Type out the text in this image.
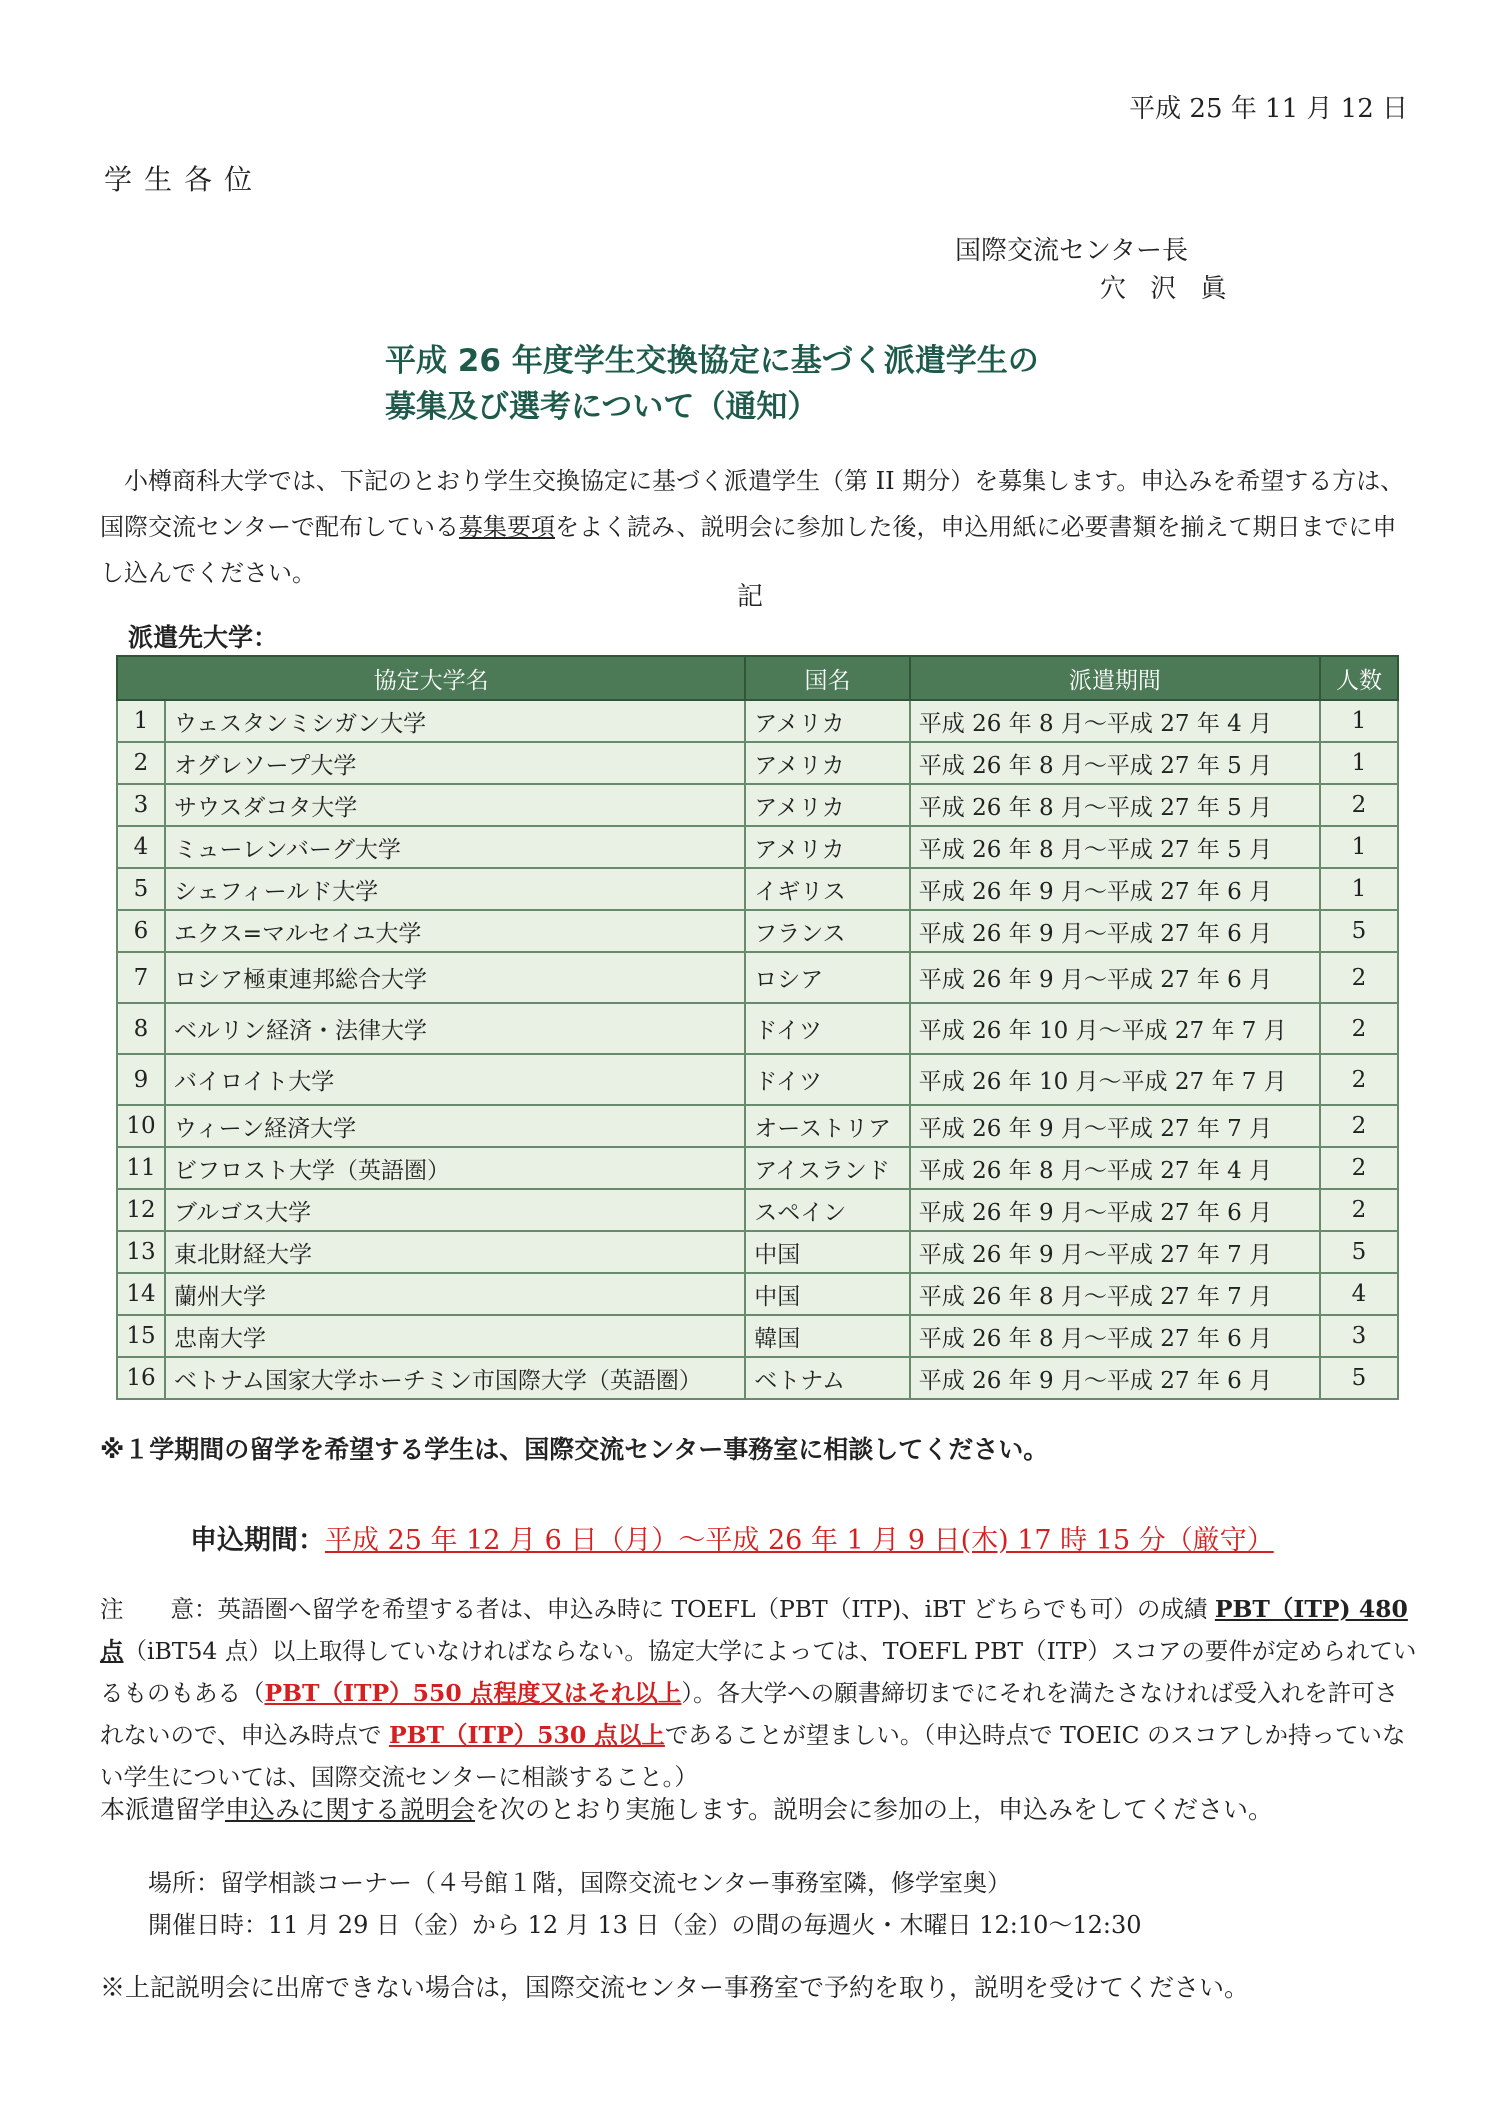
平成 25 年 11 月 12 日
学生各位
国際交流センター長
穴 沢 眞
平成 26 年度学生交換協定に基づく派遣学生の
募集及び選考について（通知）
小樽商科大学では、下記のとおり学生交換協定に基づく派遣学生（第 II 期分）を募集します。申込みを希望する方は、国際交流センターで配布している募集要項をよく読み、説明会に参加した後，申込用紙に必要書類を揃えて期日までに申し込んでください。
記
派遣先大学：
協定大学名		国名	派遣期間	人数
1	ウェスタンミシガン大学	アメリカ	平成 26 年 8 月～平成 27 年 4 月	1
2	オグレソープ大学	アメリカ	平成 26 年 8 月～平成 27 年 5 月	1
3	サウスダコタ大学	アメリカ	平成 26 年 8 月～平成 27 年 5 月	2
4	ミューレンバーグ大学	アメリカ	平成 26 年 8 月～平成 27 年 5 月	1
5	シェフィールド大学	イギリス	平成 26 年 9 月～平成 27 年 6 月	1
6	エクス=マルセイユ大学	フランス	平成 26 年 9 月～平成 27 年 6 月	5
7	ロシア極東連邦総合大学	ロシア	平成 26 年 9 月～平成 27 年 6 月	2
8	ベルリン経済・法律大学	ドイツ	平成 26 年 10 月～平成 27 年 7 月	2
9	バイロイト大学	ドイツ	平成 26 年 10 月～平成 27 年 7 月	2
10	ウィーン経済大学	オーストリア	平成 26 年 9 月～平成 27 年 7 月	2
11	ビフロスト大学（英語圏）	アイスランド	平成 26 年 8 月～平成 27 年 4 月	2
12	ブルゴス大学	スペイン	平成 26 年 9 月～平成 27 年 6 月	2
13	東北財経大学	中国	平成 26 年 9 月～平成 27 年 7 月	5
14	蘭州大学	中国	平成 26 年 8 月～平成 27 年 7 月	4
15	忠南大学	韓国	平成 26 年 8 月～平成 27 年 6 月	3
16	ベトナム国家大学ホーチミン市国際大学（英語圏）	ベトナム	平成 26 年 9 月～平成 27 年 6 月	5
※１学期間の留学を希望する学生は、国際交流センター事務室に相談してください。
申込期間：平成 25 年 12 月 6 日（月）～平成 26 年 1 月 9 日(木) 17 時 15 分（厳守）
注　　意：英語圏へ留学を希望する者は、申込み時に TOEFL（PBT（ITP)、iBT どちらでも可）の成績 PBT（ITP) 480 点（iBT54 点）以上取得していなければならない。協定大学によっては、TOEFL PBT（ITP）スコアの要件が定められているものもある（PBT（ITP）550 点程度又はそれ以上）。各大学への願書締切までにそれを満たさなければ受入れを許可されないので、申込み時点で PBT（ITP）530 点以上であることが望ましい。（申込時点で TOEIC のスコアしか持っていない学生については、国際交流センターに相談すること。）
本派遣留学申込みに関する説明会を次のとおり実施します。説明会に参加の上，申込みをしてください。
場所：留学相談コーナー（４号館１階，国際交流センター事務室隣，修学室奥）
開催日時：11 月 29 日（金）から 12 月 13 日（金）の間の毎週火・木曜日 12:10～12:30
※上記説明会に出席できない場合は，国際交流センター事務室で予約を取り，説明を受けてください。
